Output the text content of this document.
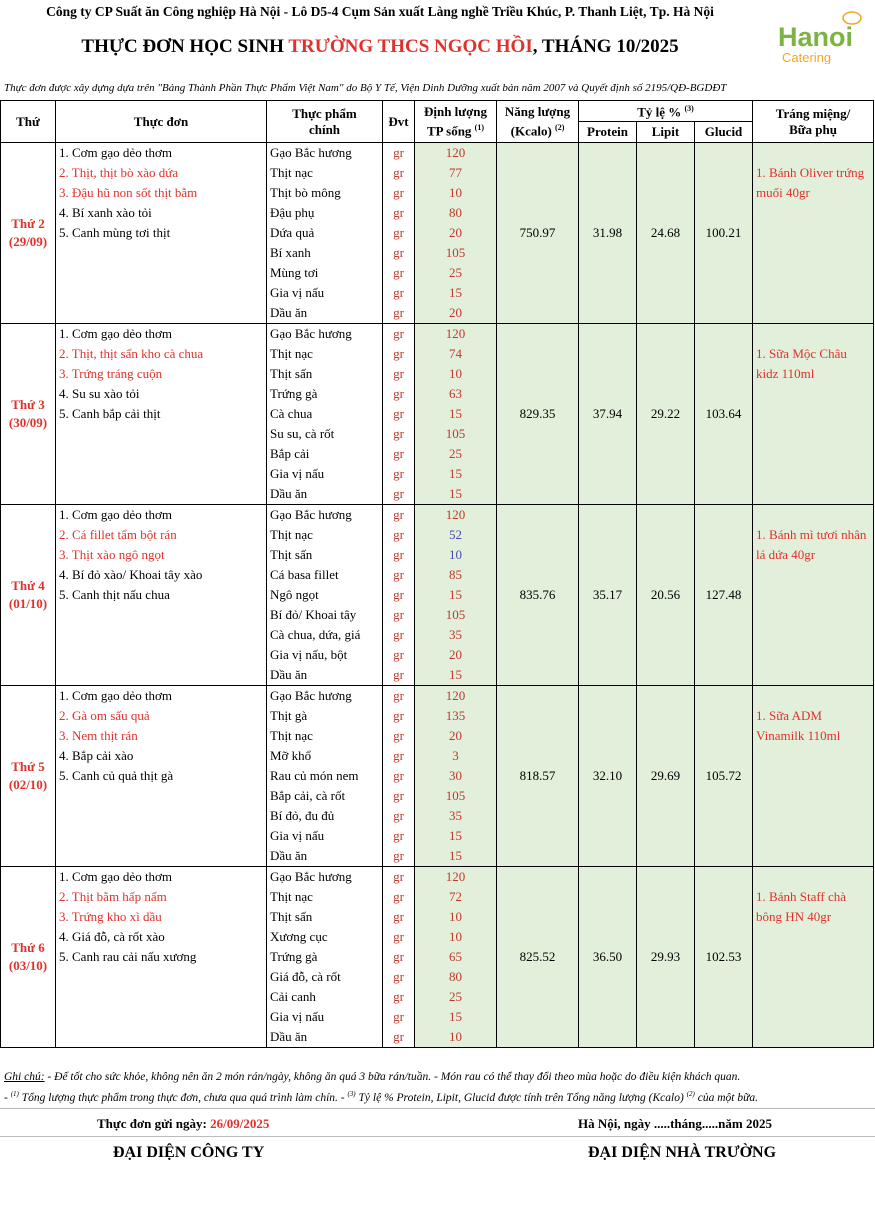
Công ty CP Suất ăn Công nghiệp Hà Nội - Lô D5-4 Cụm Sản xuất Làng nghề Triều Khúc, P. Thanh Liệt, Tp. Hà Nội
Hanoi
Catering
THỰC ĐƠN HỌC SINH TRƯỜNG THCS NGỌC HỒI, THÁNG 10/2025
Thực đơn được xây dựng dựa trên "Bảng Thành Phần Thực Phẩm Việt Nam" do Bộ Y Tế, Viện Dinh Dưỡng xuất bản năm 2007 và Quyết định số 2195/QĐ-BGDĐT
Thứ	Thực đơn	Thực phẩm
chính	Đvt	Định lượng
TP sống $^{(1)}$	Năng lượng
(Kcalo) $^{(2)}$	Tỷ lệ % $^{(3)}$			Tráng miệng/
Bữa phụ
						Protein	Lipit	Glucid	
Thứ 2
(29/09)	1. Cơm gạo dẻo thơm	Gạo Bắc hương	gr	120	750.97	31.98	24.68	100.21	1. Bánh Oliver trứng muối 40gr
	2. Thịt, thịt bò xào dứa	Thịt nạc	gr	77					
	3. Đậu hũ non sốt thịt bằm	Thịt bò mông	gr	10					
	4. Bí xanh xào tỏi	Đậu phụ	gr	80					
	5. Canh mùng tơi thịt	Dứa quả	gr	20					
		Bí xanh	gr	105					
		Mùng tơi	gr	25					
		Gia vị nấu	gr	15					
		Dầu ăn	gr	20					
Thứ 3
(30/09)	1. Cơm gạo dẻo thơm	Gạo Bắc hương	gr	120	829.35	37.94	29.22	103.64	1. Sữa Mộc Châu kidz 110ml
	2. Thịt, thịt sấn kho cà chua	Thịt nạc	gr	74					
	3. Trứng tráng cuộn	Thịt sấn	gr	10					
	4. Su su xào tỏi	Trứng gà	gr	63					
	5. Canh bắp cải thịt	Cà chua	gr	15					
		Su su, cà rốt	gr	105					
		Bắp cải	gr	25					
		Gia vị nấu	gr	15					
		Dầu ăn	gr	15					
Thứ 4
(01/10)	1. Cơm gạo dẻo thơm	Gạo Bắc hương	gr	120	835.76	35.17	20.56	127.48	1. Bánh mì tươi nhân lá dứa 40gr
	2. Cá fillet tẩm bột rán	Thịt nạc	gr	52					
	3. Thịt xào ngô ngọt	Thịt sấn	gr	10					
	4. Bí đỏ xào/ Khoai tây xào	Cá basa fillet	gr	85					
	5. Canh thịt nấu chua	Ngô ngọt	gr	15					
		Bí đỏ/ Khoai tây	gr	105					
		Cà chua, dứa, giá	gr	35					
		Gia vị nấu, bột	gr	20					
		Dầu ăn	gr	15					
Thứ 5
(02/10)	1. Cơm gạo dẻo thơm	Gạo Bắc hương	gr	120	818.57	32.10	29.69	105.72	1. Sữa ADM Vinamilk 110ml
	2. Gà om sấu quả	Thịt gà	gr	135					
	3. Nem thịt rán	Thịt nạc	gr	20					
	4. Bắp cải xào	Mỡ khổ	gr	3					
	5. Canh củ quả thịt gà	Rau củ món nem	gr	30					
		Bắp cải, cà rốt	gr	105					
		Bí đỏ, đu đủ	gr	35					
		Gia vị nấu	gr	15					
		Dầu ăn	gr	15					
Thứ 6
(03/10)	1. Cơm gạo dẻo thơm	Gạo Bắc hương	gr	120	825.52	36.50	29.93	102.53	1. Bánh Staff chà bông HN 40gr
	2. Thịt bằm hấp nấm	Thịt nạc	gr	72					
	3. Trứng kho xì dầu	Thịt sấn	gr	10					
	4. Giá đỗ, cà rốt xào	Xương cục	gr	10					
	5. Canh rau cải nấu xương	Trứng gà	gr	65					
		Giá đỗ, cà rốt	gr	80					
		Cải canh	gr	25					
		Gia vị nấu	gr	15					
		Dầu ăn	gr	10					
Ghi chú: - Để tốt cho sức khỏe, không nên ăn 2 món rán/ngày, không ăn quá 3 bữa rán/tuần. - Món rau có thể thay đổi theo mùa hoặc do điều kiện khách quan.
- $^{(1)}$ Tổng lượng thực phẩm trong thực đơn, chưa qua quá trình làm chín. - $^{(3)}$ Tỷ lệ % Protein, Lipit, Glucid được tính trên Tổng năng lượng (Kcalo) $^{(2)}$ của một bữa.
Thực đơn gửi ngày: 26/09/2025	Hà Nội, ngày .....tháng.....năm 2025
ĐẠI DIỆN CÔNG TY	ĐẠI DIỆN NHÀ TRƯỜNG
